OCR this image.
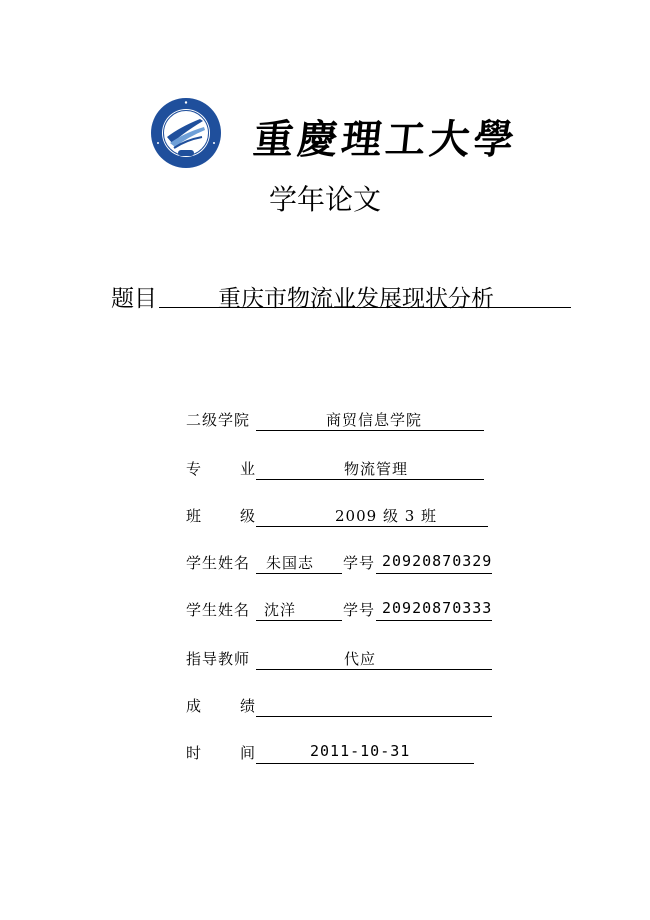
重慶理工大學
学年论文
题目	重庆市物流业发展现状分析
二级学院	商贸信息学院
专	业	物流管理
班	级	2009 级 3 班
学生姓名 朱国志 学号 20920870329
学生姓名 沈洋	学号 20920870333
指导教师	代应
成	绩
时	间	2011-10-31
